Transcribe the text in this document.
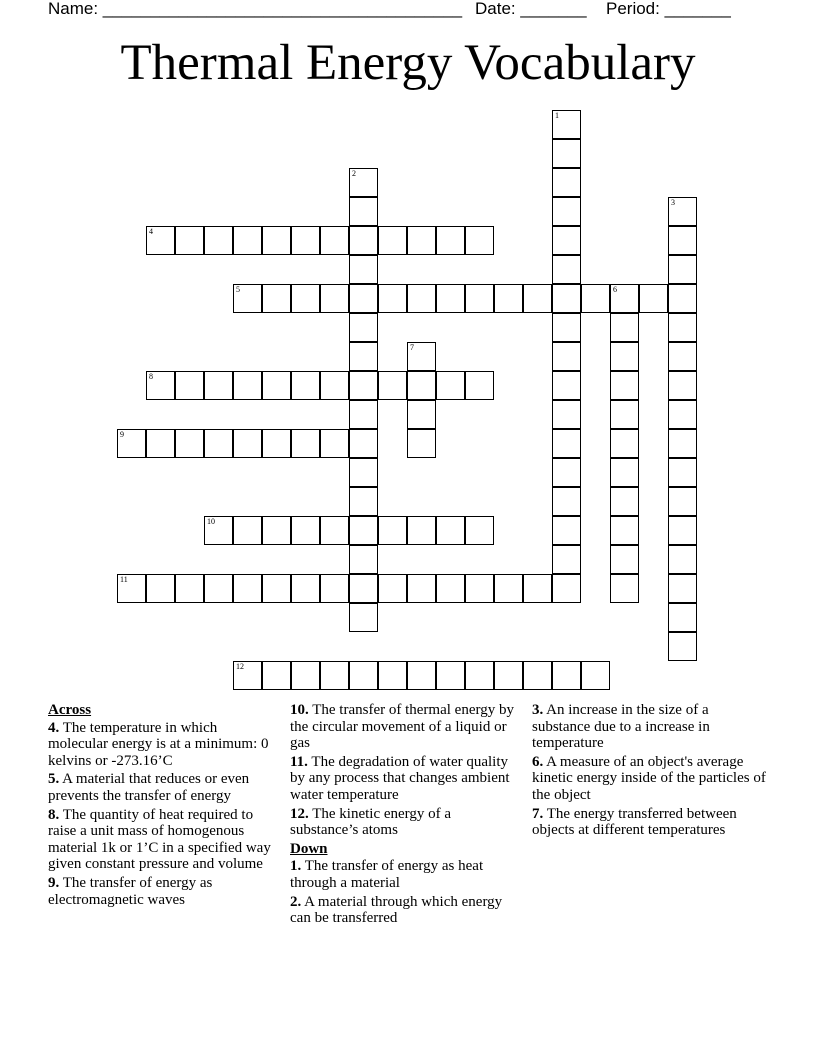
Name: ______________________________________ Date: _______ Period: _______
Thermal Energy Vocabulary
1
2
3
4
5	6
7
8
9
10
11
12
Across
4. The temperature in which molecular energy is at a minimum: 0 kelvins or -273.16’C
5. A material that reduces or even prevents the transfer of energy
8. The quantity of heat required to raise a unit mass of homogenous material 1k or 1’C in a specified way given constant pressure and volume
9. The transfer of energy as electromagnetic waves
10. The transfer of thermal energy by the circular movement of a liquid or gas
11. The degradation of water quality by any process that changes ambient water temperature
12. The kinetic energy of a substance’s atoms
Down
1. The transfer of energy as heat through a material
2. A material through which energy can be transferred
3. An increase in the size of a substance due to a increase in temperature
6. A measure of an object's average kinetic energy inside of the particles of the object
7. The energy transferred between objects at different temperatures
